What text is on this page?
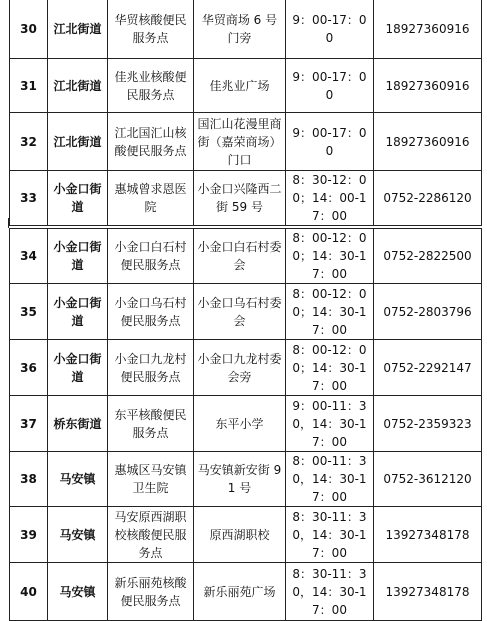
30	江北街道	华贸核酸便民服务点	华贸商场 6 号门旁	9：00-17：00	18927360916
31	江北街道	佳兆业核酸便民服务点	佳兆业广场	9：00-17：00	18927360916
32	江北街道	江北国汇山核酸便民服务点	国汇山花漫里商街（嘉荣商场）门口	9：00-17：00	18927360916
33	小金口街道	惠城曾求恩医院	小金口兴隆西二街 59 号	8：30-12：00；14：00-17：00	0752-2286120
34	小金口街道	小金口白石村便民服务点	小金口白石村委会	8：00-12：00；14：30-17：00	0752-2822500
35	小金口街道	小金口乌石村便民服务点	小金口乌石村委会	8：00-12：00；14：30-17：00	0752-2803796
36	小金口街道	小金口九龙村便民服务点	小金口九龙村委会旁	8：00-12：00；14：30-17：00	0752-2292147
37	桥东街道	东平核酸便民服务点	东平小学	9：00-11：30，14：30-17：00	0752-2359323
38	马安镇	惠城区马安镇卫生院	马安镇新安街 91 号	8：00-11：30，14：30-17：00	0752-3612120
39	马安镇	马安原西湖职校核酸便民服务点	原西湖职校	8：30-11：30，14：30-17：00	13927348178
40	马安镇	新乐丽苑核酸便民服务点	新乐丽苑广场	8：30-11：30，14：30-17：00	13927348178
